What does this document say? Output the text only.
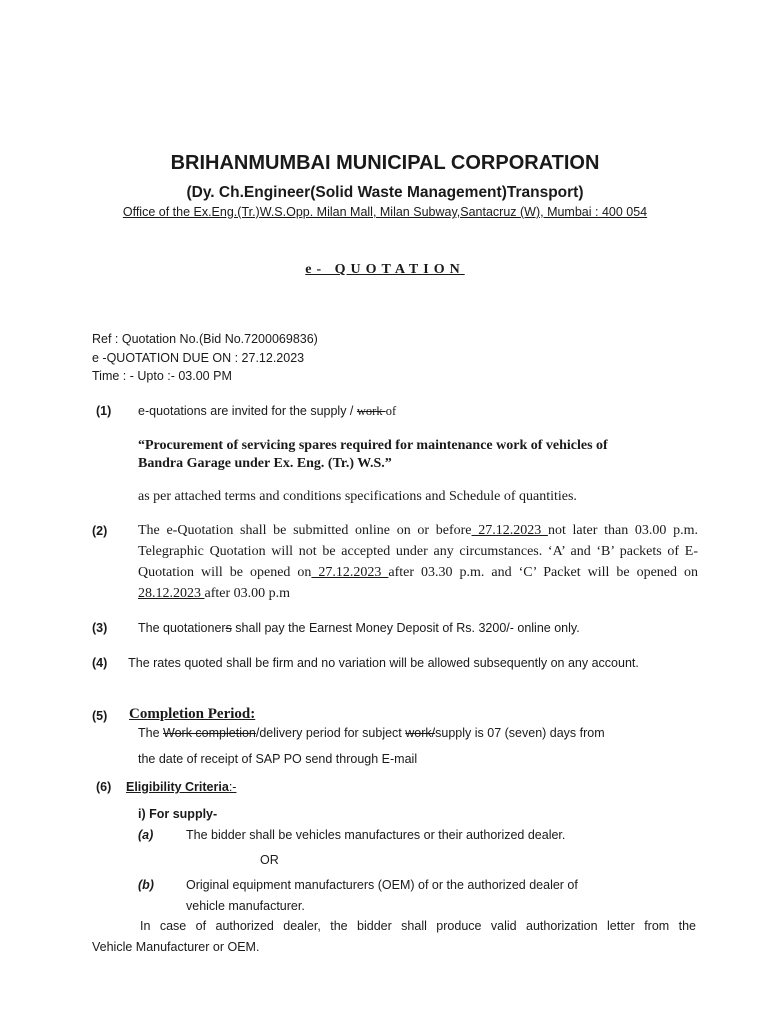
BRIHANMUMBAI MUNICIPAL CORPORATION
(Dy. Ch.Engineer(Solid Waste Management)Transport)
Office of the Ex.Eng.(Tr.)W.S.Opp. Milan Mall, Milan Subway,Santacruz (W), Mumbai : 400 054
e- QUOTATION
Ref : Quotation No.(Bid No.7200069836)
e -QUOTATION DUE ON : 27.12.2023
Time : - Upto :- 03.00 PM
(1) e-quotations are invited for the supply / work of
“Procurement of servicing spares required for maintenance work of vehicles of
Bandra Garage under Ex. Eng. (Tr.) W.S.”
as per attached terms and conditions specifications and Schedule of quantities.
(2) The e-Quotation shall be submitted online on or before 27.12.2023 not later than 03.00 p.m. Telegraphic Quotation will not be accepted under any circumstances. ‘A’ and ‘B’ packets of E-Quotation will be opened on 27.12.2023 after 03.30 p.m. and ‘C’ Packet will be opened on 28.12.2023 after 03.00 p.m
(3) The quotationers shall pay the Earnest Money Deposit of Rs. 3200/- online only.
(4) The rates quoted shall be firm and no variation will be allowed subsequently on any account.
(5) Completion Period:
The Work completion/delivery period for subject work/supply is 07 (seven) days from
the date of receipt of SAP PO send through E-mail
(6) Eligibility Criteria:-
i) For supply-
(a)	The bidder shall be vehicles manufactures or their authorized dealer.
OR
(b)	Original equipment manufacturers (OEM) of or the authorized dealer of
vehicle manufacturer.
In case of authorized dealer, the bidder shall produce valid authorization letter from the
Vehicle Manufacturer or OEM.
